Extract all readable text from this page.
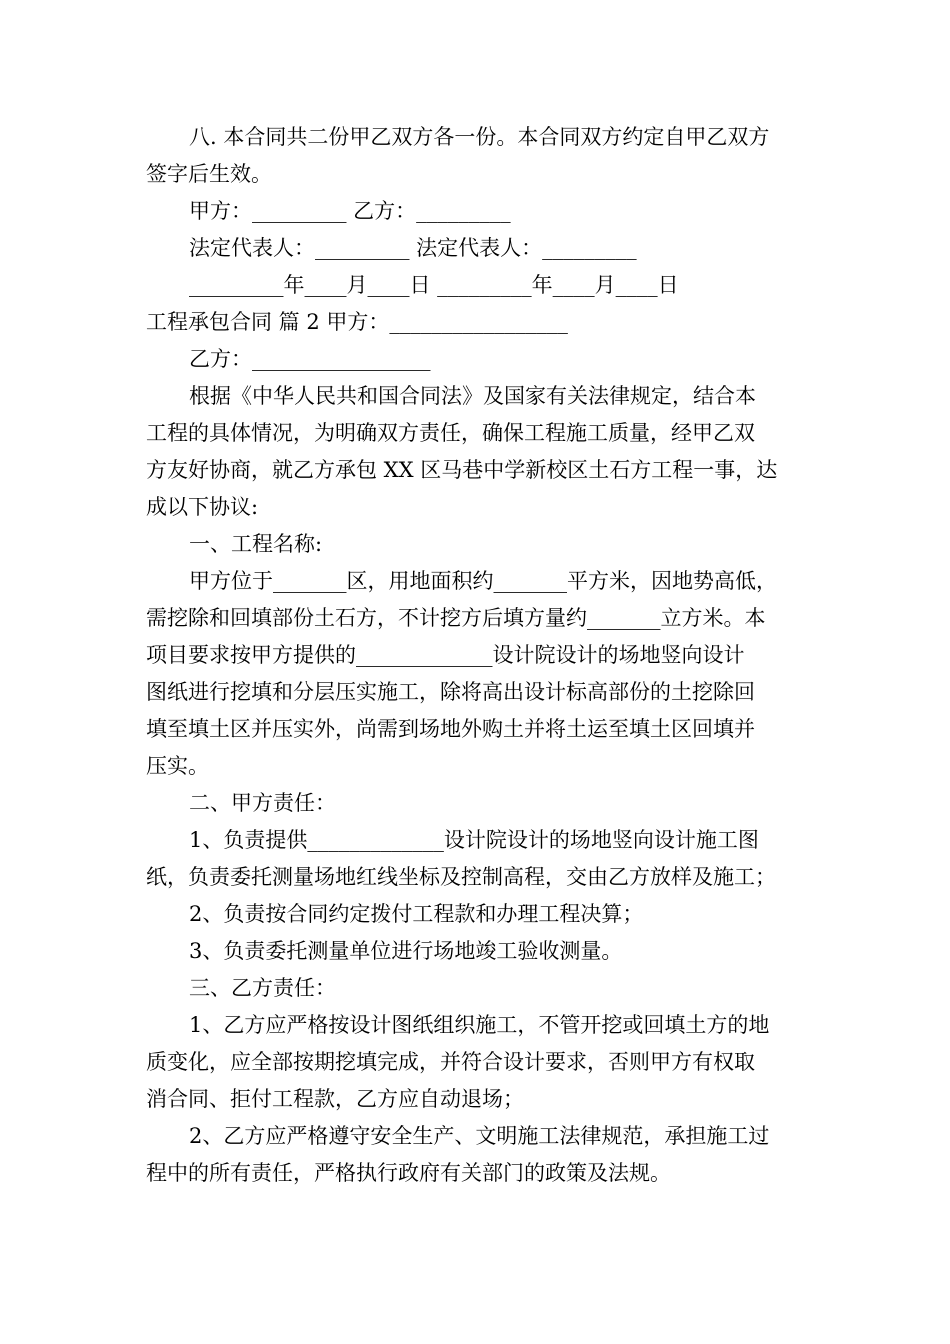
八. 本合同共二份甲乙双方各一份。本合同双方约定自甲乙双方
签字后生效。
甲方：_________ 乙方：_________
法定代表人：_________ 法定代表人：_________
_________年____月____日 _________年____月____日
工程承包合同 篇 2 甲方：_________________
乙方：_________________
根据《中华人民共和国合同法》及国家有关法律规定，结合本
工程的具体情况，为明确双方责任，确保工程施工质量，经甲乙双
方友好协商，就乙方承包 XX 区马巷中学新校区土石方工程一事，达
成以下协议:
一、工程名称:
甲方位于_______区，用地面积约_______平方米，因地势高低，
需挖除和回填部份土石方，不计挖方后填方量约_______立方米。本
项目要求按甲方提供的_____________设计院设计的场地竖向设计
图纸进行挖填和分层压实施工，除将高出设计标高部份的土挖除回
填至填土区并压实外，尚需到场地外购土并将土运至填土区回填并
压实。
二、甲方责任：
1、负责提供_____________设计院设计的场地竖向设计施工图
纸，负责委托测量场地红线坐标及控制高程，交由乙方放样及施工；
2、负责按合同约定拨付工程款和办理工程决算；
3、负责委托测量单位进行场地竣工验收测量。
三、乙方责任：
1、乙方应严格按设计图纸组织施工，不管开挖或回填土方的地
质变化，应全部按期挖填完成，并符合设计要求，否则甲方有权取
消合同、拒付工程款，乙方应自动退场；
2、乙方应严格遵守安全生产、文明施工法律规范，承担施工过
程中的所有责任，严格执行政府有关部门的政策及法规。
